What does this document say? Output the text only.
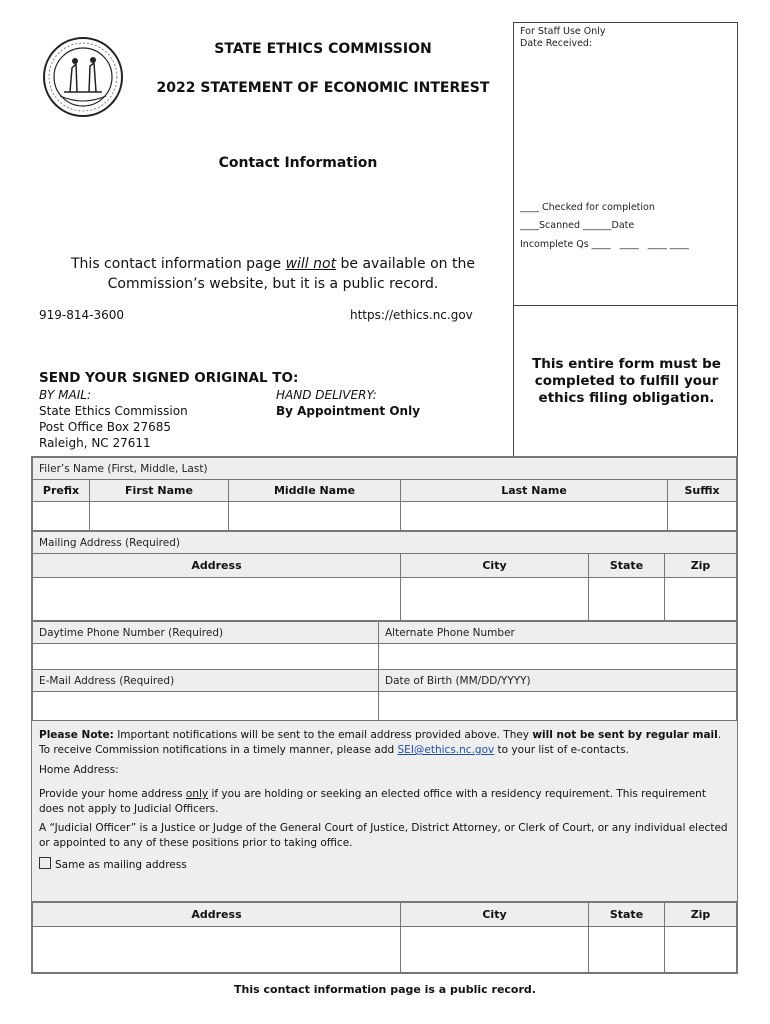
STATE ETHICS COMMISSION
2022 STATEMENT OF ECONOMIC INTEREST
Contact Information
For Staff Use Only
Date Received:
____ Checked for completion
____Scanned ______Date
Incomplete Qs ____   ____   ____ ____
This entire form must be completed to fulfill your ethics filing obligation.
This contact information page will not be available on the
Commission’s website, but it is a public record.
919-814-3600	https://ethics.nc.gov
SEND YOUR SIGNED ORIGINAL TO:
BY MAIL:
State Ethics Commission
Post Office Box 27685
Raleigh, NC 27611
HAND DELIVERY:
By Appointment Only
Filer’s Name (First, Middle, Last)				
Prefix	First Name	Middle Name	Last Name	Suffix

Mailing Address (Required)			
Address	City	State	Zip

Daytime Phone Number (Required)	Alternate Phone Number

E-Mail Address (Required)	Date of Birth (MM/DD/YYYY)

Please Note: Important notifications will be sent to the email address provided above. They will not be sent by regular mail. To receive Commission notifications in a timely manner, please add SEI@ethics.nc.gov to your list of e-contacts.
Home Address:
Provide your home address only if you are holding or seeking an elected office with a residency requirement. This requirement does not apply to Judicial Officers.
A “Judicial Officer” is a Justice or Judge of the General Court of Justice, District Attorney, or Clerk of Court, or any individual elected or appointed to any of these positions prior to taking office.
Same as mailing address
Address	City	State	Zip

This contact information page is a public record.
